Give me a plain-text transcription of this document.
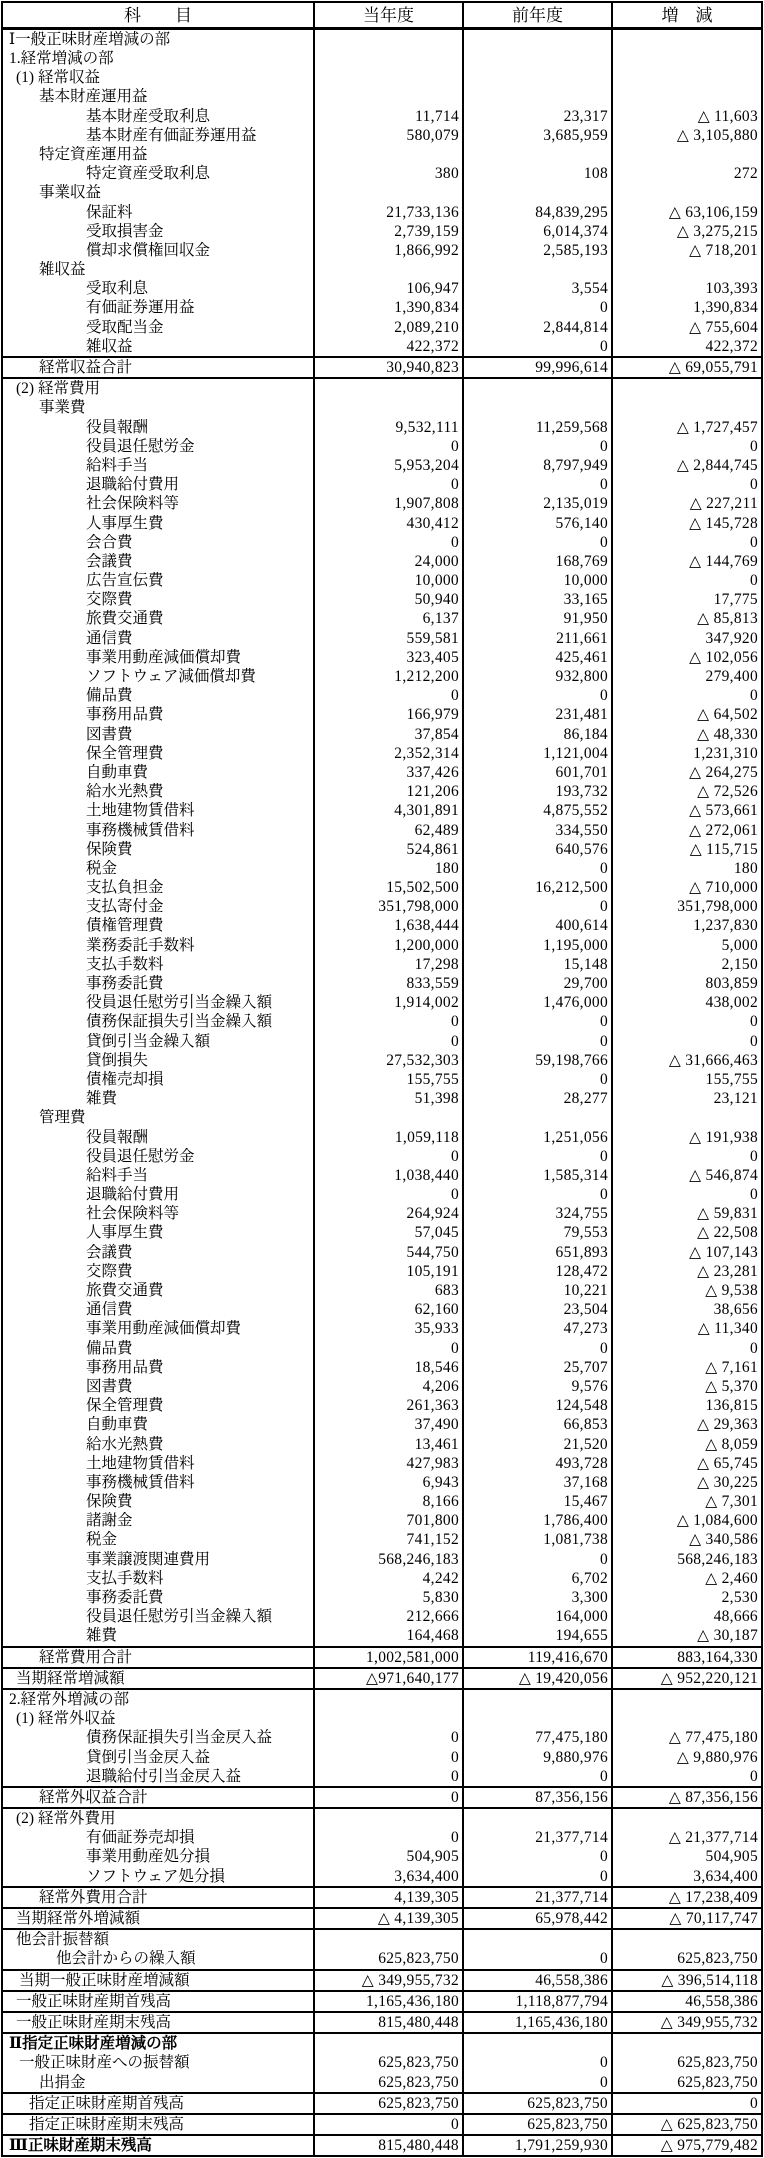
科　　目	当年度	前年度	増　減
Ⅰ一般正味財産増減の部			
1.経常増減の部			
(1) 経常収益			
基本財産運用益			
基本財産受取利息	11,714	23,317	△ 11,603
基本財産有価証券運用益	580,079	3,685,959	△ 3,105,880
特定資産運用益			
特定資産受取利息	380	108	272
事業収益			
保証料	21,733,136	84,839,295	△ 63,106,159
受取損害金	2,739,159	6,014,374	△ 3,275,215
償却求償権回収金	1,866,992	2,585,193	△ 718,201
雑収益			
受取利息	106,947	3,554	103,393
有価証券運用益	1,390,834	0	1,390,834
受取配当金	2,089,210	2,844,814	△ 755,604
雑収益	422,372	0	422,372
経常収益合計	30,940,823	99,996,614	△ 69,055,791
(2) 経常費用			
事業費			
役員報酬	9,532,111	11,259,568	△ 1,727,457
役員退任慰労金	0	0	0
給料手当	5,953,204	8,797,949	△ 2,844,745
退職給付費用	0	0	0
社会保険料等	1,907,808	2,135,019	△ 227,211
人事厚生費	430,412	576,140	△ 145,728
会合費	0	0	0
会議費	24,000	168,769	△ 144,769
広告宣伝費	10,000	10,000	0
交際費	50,940	33,165	17,775
旅費交通費	6,137	91,950	△ 85,813
通信費	559,581	211,661	347,920
事業用動産減価償却費	323,405	425,461	△ 102,056
ソフトウェア減価償却費	1,212,200	932,800	279,400
備品費	0	0	0
事務用品費	166,979	231,481	△ 64,502
図書費	37,854	86,184	△ 48,330
保全管理費	2,352,314	1,121,004	1,231,310
自動車費	337,426	601,701	△ 264,275
給水光熱費	121,206	193,732	△ 72,526
土地建物賃借料	4,301,891	4,875,552	△ 573,661
事務機械賃借料	62,489	334,550	△ 272,061
保険費	524,861	640,576	△ 115,715
税金	180	0	180
支払負担金	15,502,500	16,212,500	△ 710,000
支払寄付金	351,798,000	0	351,798,000
債権管理費	1,638,444	400,614	1,237,830
業務委託手数料	1,200,000	1,195,000	5,000
支払手数料	17,298	15,148	2,150
事務委託費	833,559	29,700	803,859
役員退任慰労引当金繰入額	1,914,002	1,476,000	438,002
債務保証損失引当金繰入額	0	0	0
貸倒引当金繰入額	0	0	0
貸倒損失	27,532,303	59,198,766	△ 31,666,463
債権売却損	155,755	0	155,755
雑費	51,398	28,277	23,121
管理費			
役員報酬	1,059,118	1,251,056	△ 191,938
役員退任慰労金	0	0	0
給料手当	1,038,440	1,585,314	△ 546,874
退職給付費用	0	0	0
社会保険料等	264,924	324,755	△ 59,831
人事厚生費	57,045	79,553	△ 22,508
会議費	544,750	651,893	△ 107,143
交際費	105,191	128,472	△ 23,281
旅費交通費	683	10,221	△ 9,538
通信費	62,160	23,504	38,656
事業用動産減価償却費	35,933	47,273	△ 11,340
備品費	0	0	0
事務用品費	18,546	25,707	△ 7,161
図書費	4,206	9,576	△ 5,370
保全管理費	261,363	124,548	136,815
自動車費	37,490	66,853	△ 29,363
給水光熱費	13,461	21,520	△ 8,059
土地建物賃借料	427,983	493,728	△ 65,745
事務機械賃借料	6,943	37,168	△ 30,225
保険費	8,166	15,467	△ 7,301
諸謝金	701,800	1,786,400	△ 1,084,600
税金	741,152	1,081,738	△ 340,586
事業譲渡関連費用	568,246,183	0	568,246,183
支払手数料	4,242	6,702	△ 2,460
事務委託費	5,830	3,300	2,530
役員退任慰労引当金繰入額	212,666	164,000	48,666
雑費	164,468	194,655	△ 30,187
経常費用合計	1,002,581,000	119,416,670	883,164,330
当期経常増減額	△971,640,177	△ 19,420,056	△ 952,220,121
2.経常外増減の部			
(1) 経常外収益			
債務保証損失引当金戻入益	0	77,475,180	△ 77,475,180
貸倒引当金戻入益	0	9,880,976	△ 9,880,976
退職給付引当金戻入益	0	0	0
経常外収益合計	0	87,356,156	△ 87,356,156
(2) 経常外費用			
有価証券売却損	0	21,377,714	△ 21,377,714
事業用動産処分損	504,905	0	504,905
ソフトウェア処分損	3,634,400	0	3,634,400
経常外費用合計	4,139,305	21,377,714	△ 17,238,409
当期経常外増減額	△ 4,139,305	65,978,442	△ 70,117,747
他会計振替額			
他会計からの繰入額	625,823,750	0	625,823,750
当期一般正味財産増減額	△ 349,955,732	46,558,386	△ 396,514,118
一般正味財産期首残高	1,165,436,180	1,118,877,794	46,558,386
一般正味財産期末残高	815,480,448	1,165,436,180	△ 349,955,732
Ⅱ指定正味財産増減の部			
一般正味財産への振替額	625,823,750	0	625,823,750
出捐金	625,823,750	0	625,823,750
指定正味財産期首残高	625,823,750	625,823,750	0
指定正味財産期末残高	0	625,823,750	△ 625,823,750
Ⅲ正味財産期末残高	815,480,448	1,791,259,930	△ 975,779,482
